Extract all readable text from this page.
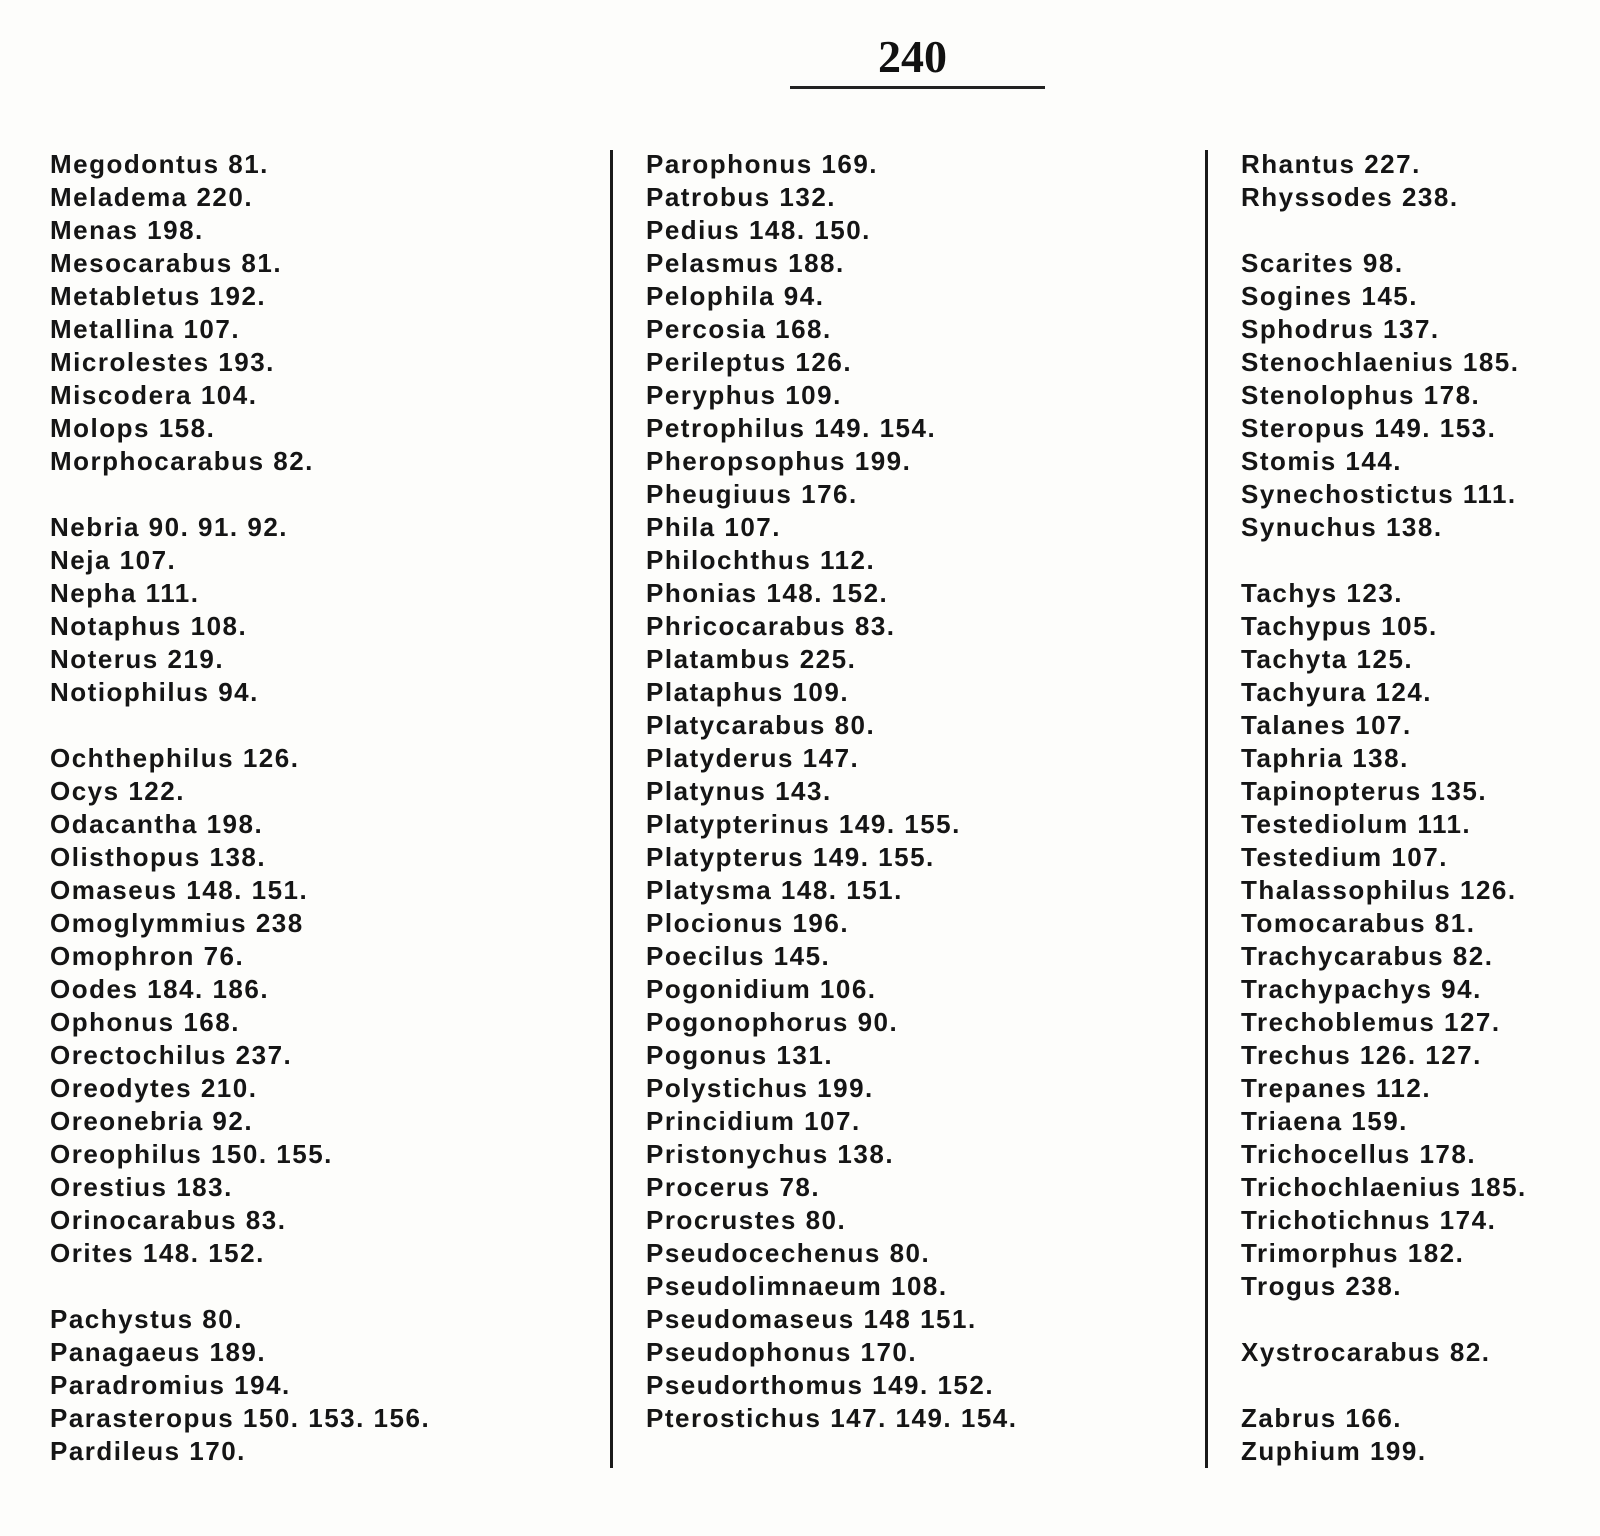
240
Megodontus 81.
Meladema 220.
Menas 198.
Mesocarabus 81.
Metabletus 192.
Metallina 107.
Microlestes 193.
Miscodera 104.
Molops 158.
Morphocarabus 82.
Nebria 90. 91. 92.
Neja 107.
Nepha 111.
Notaphus 108.
Noterus 219.
Notiophilus 94.
Ochthephilus 126.
Ocys 122.
Odacantha 198.
Olisthopus 138.
Omaseus 148. 151.
Omoglymmius 238
Omophron 76.
Oodes 184. 186.
Ophonus 168.
Orectochilus 237.
Oreodytes 210.
Oreonebria 92.
Oreophilus 150. 155.
Orestius 183.
Orinocarabus 83.
Orites 148. 152.
Pachystus 80.
Panagaeus 189.
Paradromius 194.
Parasteropus 150. 153. 156.
Pardileus 170.
Parophonus 169.
Patrobus 132.
Pedius 148. 150.
Pelasmus 188.
Pelophila 94.
Percosia 168.
Perileptus 126.
Peryphus 109.
Petrophilus 149. 154.
Pheropsophus 199.
Pheugiuus 176.
Phila 107.
Philochthus 112.
Phonias 148. 152.
Phricocarabus 83.
Platambus 225.
Plataphus 109.
Platycarabus 80.
Platyderus 147.
Platynus 143.
Platypterinus 149. 155.
Platypterus 149. 155.
Platysma 148. 151.
Plocionus 196.
Poecilus 145.
Pogonidium 106.
Pogonophorus 90.
Pogonus 131.
Polystichus 199.
Princidium 107.
Pristonychus 138.
Procerus 78.
Procrustes 80.
Pseudocechenus 80.
Pseudolimnaeum 108.
Pseudomaseus 148 151.
Pseudophonus 170.
Pseudorthomus 149. 152.
Pterostichus 147. 149. 154.
Rhantus 227.
Rhyssodes 238.
Scarites 98.
Sogines 145.
Sphodrus 137.
Stenochlaenius 185.
Stenolophus 178.
Steropus 149. 153.
Stomis 144.
Synechostictus 111.
Synuchus 138.
Tachys 123.
Tachypus 105.
Tachyta 125.
Tachyura 124.
Talanes 107.
Taphria 138.
Tapinopterus 135.
Testediolum 111.
Testedium 107.
Thalassophilus 126.
Tomocarabus 81.
Trachycarabus 82.
Trachypachys 94.
Trechoblemus 127.
Trechus 126. 127.
Trepanes 112.
Triaena 159.
Trichocellus 178.
Trichochlaenius 185.
Trichotichnus 174.
Trimorphus 182.
Trogus 238.
Xystrocarabus 82.
Zabrus 166.
Zuphium 199.
